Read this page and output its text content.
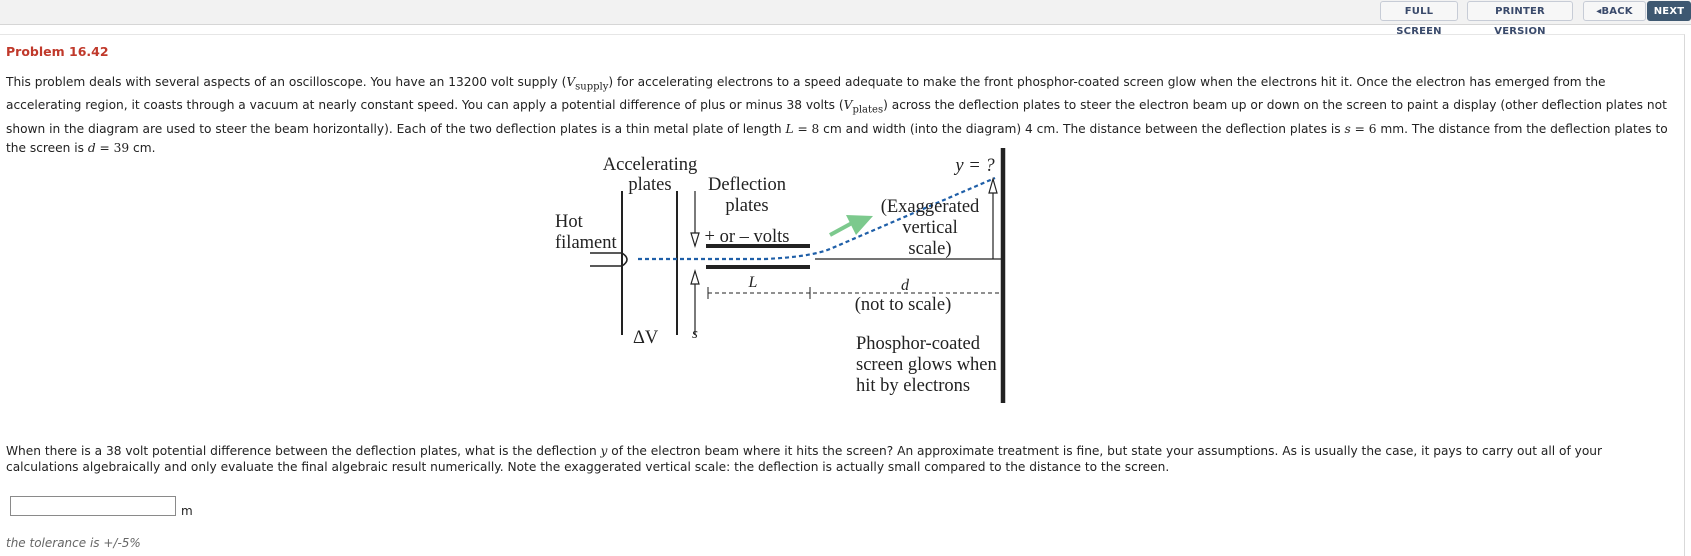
FULL SCREEN
PRINTER VERSION
◂BACK	NEXT
Problem 16.42
This problem deals with several aspects of an oscilloscope. You have an 13200 volt supply $(V_{supply})$ for accelerating electrons to a speed adequate to make the front phosphor-coated screen glow when the electrons hit it. Once the electron has emerged from the accelerating region, it coasts through a vacuum at nearly constant speed. You can apply a potential difference of plus or minus 38 volts $(V_{plates})$ across the deflection plates to steer the electron beam up or down on the screen to paint a display (other deflection plates not shown in the diagram are used to steer the beam horizontally). Each of the two deflection plates is a thin metal plate of length L = 8 cm and width (into the diagram) 4 cm. The distance between the deflection plates is s = 6 mm. The distance from the deflection plates to the screen is d = 39 cm.
Accelerating
plates Deflection
plates
Hot
filament
ΔV s
+ or – volts
(Exaggerated
vertical
scale)
y = ?
L	d
(not to scale)
Phosphor-coated
screen glows when
hit by electrons
When there is a 38 volt potential difference between the deflection plates, what is the deflection y of the electron beam where it hits the screen? An approximate treatment is fine, but state your assumptions. As is usually the case, it pays to carry out all of your calculations algebraically and only evaluate the final algebraic result numerically. Note the exaggerated vertical scale: the deflection is actually small compared to the distance to the screen.
m
the tolerance is +/-5%
